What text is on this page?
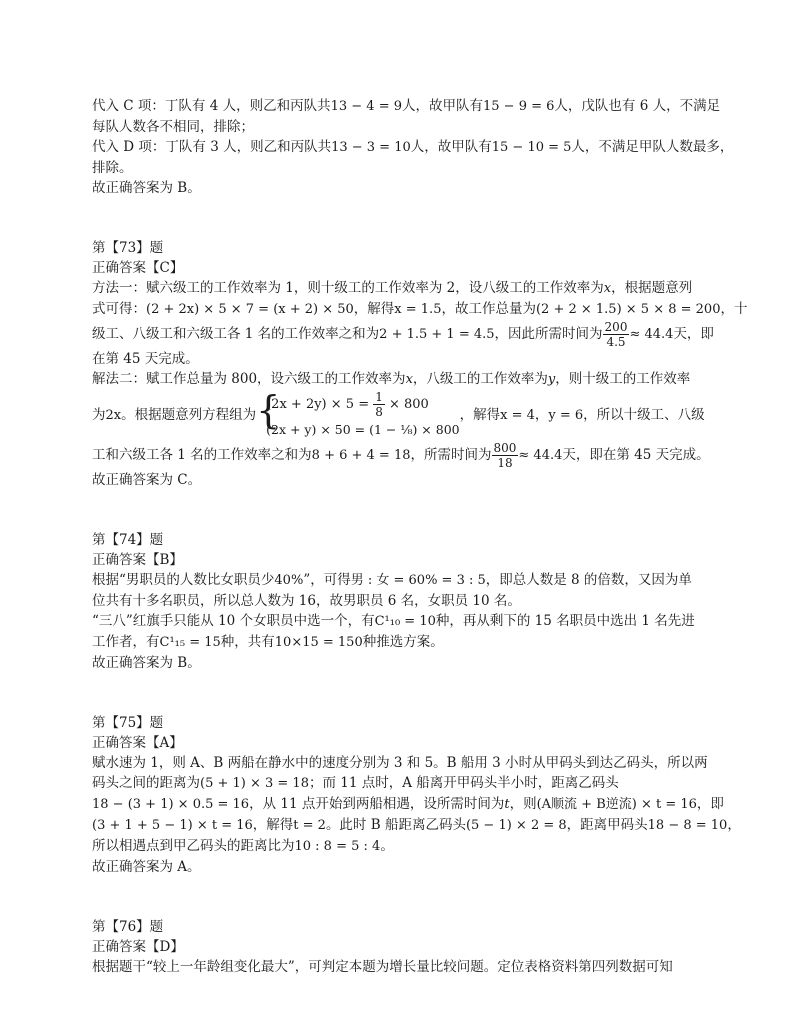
代入 C 项：丁队有 4 人，则乙和丙队共13 − 4 = 9人，故甲队有15 − 9 = 6人，戊队也有 6 人，不满足
每队人数各不相同，排除；
代入 D 项：丁队有 3 人，则乙和丙队共13 − 3 = 10人，故甲队有15 − 10 = 5人，不满足甲队人数最多，
排除。
故正确答案为 B。
第【73】题
正确答案【C】
方法一：赋六级工的工作效率为 1，则十级工的工作效率为 2，设八级工的工作效率为x，根据题意列
式可得：(2 + 2x) × 5 × 7 = (x + 2) × 50，解得x = 1.5，故工作总量为(2 + 2 × 1.5) × 5 × 8 = 200，十
级工、八级工和六级工各 1 名的工作效率之和为2 + 1.5 + 1 = 4.5，因此所需时间为 $\frac{200}{4.5} \approx 44.4$天，即
在第 45 天完成。
解法二：赋工作总量为 800，设六级工的工作效率为x，八级工的工作效率为y，则十级工的工作效率
为2x。根据题意列方程组为 {
$(2x + 2y) \times 5 = \frac{1}{8} \times 800$
(2x + y) × 50 = (1 − ⅛) × 800
，解得x = 4，y = 6，所以十级工、八级
工和六级工各 1 名的工作效率之和为8 + 6 + 4 = 18，所需时间为 $\frac{800}{18} \approx 44.4$天，即在第 45 天完成。
故正确答案为 C。
第【74】题
正确答案【B】
根据“男职员的人数比女职员少40%”，可得男 : 女 = 60% = 3 : 5，即总人数是 8 的倍数，又因为单
位共有十多名职员，所以总人数为 16，故男职员 6 名，女职员 10 名。
“三八”红旗手只能从 10 个女职员中选一个，有C¹₁₀ = 10种，再从剩下的 15 名职员中选出 1 名先进
工作者，有C¹₁₅ = 15种，共有10×15 = 150种推选方案。
故正确答案为 B。
第【75】题
正确答案【A】
赋水速为 1，则 A、B 两船在静水中的速度分别为 3 和 5。B 船用 3 小时从甲码头到达乙码头，所以两
码头之间的距离为(5 + 1) × 3 = 18；而 11 点时，A 船离开甲码头半小时，距离乙码头
18 − (3 + 1) × 0.5 = 16，从 11 点开始到两船相遇，设所需时间为t，则(A顺流 + B逆流) × t = 16，即
(3 + 1 + 5 − 1) × t = 16，解得t = 2。此时 B 船距离乙码头(5 − 1) × 2 = 8，距离甲码头18 − 8 = 10，
所以相遇点到甲乙码头的距离比为10 : 8 = 5 : 4。
故正确答案为 A。
第【76】题
正确答案【D】
根据题干“较上一年龄组变化最大”，可判定本题为增长量比较问题。定位表格资料第四列数据可知
